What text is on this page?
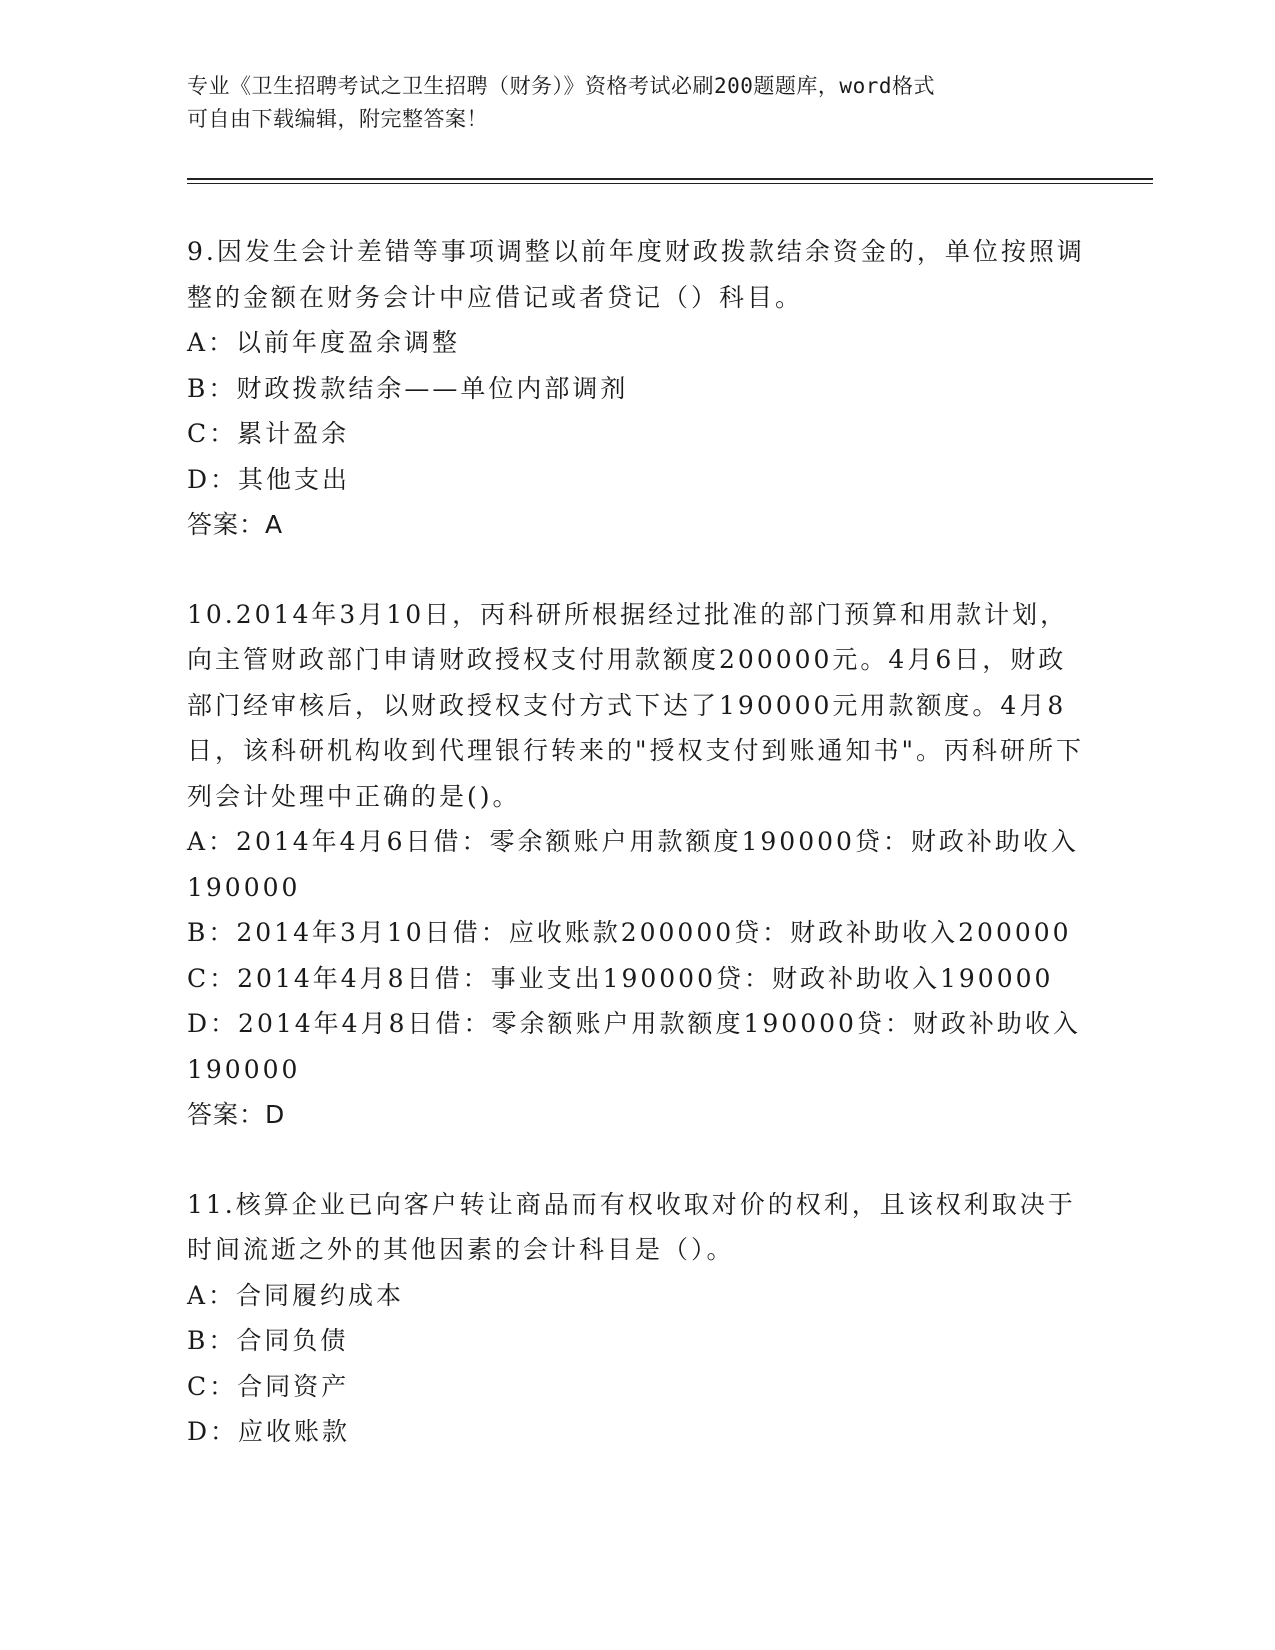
专业《卫生招聘考试之卫生招聘（财务）》资格考试必刷200题题库，word格式
可自由下载编辑，附完整答案！

9.因发生会计差错等事项调整以前年度财政拨款结余资金的，单位按照调整的金额在财务会计中应借记或者贷记（）科目。

A：以前年度盈余调整

B：财政拨款结余——单位内部调剂

C：累计盈余

D：其他支出

答案：A

10.2014年3月10日，丙科研所根据经过批准的部门预算和用款计划，向主管财政部门申请财政授权支付用款额度200000元。4月6日，财政部门经审核后，以财政授权支付方式下达了190000元用款额度。4月8日，该科研机构收到代理银行转来的"授权支付到账通知书"。丙科研所下列会计处理中正确的是()。

A：2014年4月6日借：零余额账户用款额度190000贷：财政补助收入190000

B：2014年3月10日借：应收账款200000贷：财政补助收入200000

C：2014年4月8日借：事业支出190000贷：财政补助收入190000

D：2014年4月8日借：零余额账户用款额度190000贷：财政补助收入190000

答案：D

11.核算企业已向客户转让商品而有权收取对价的权利，且该权利取决于时间流逝之外的其他因素的会计科目是（）。

A：合同履约成本

B：合同负债

C：合同资产

D：应收账款
